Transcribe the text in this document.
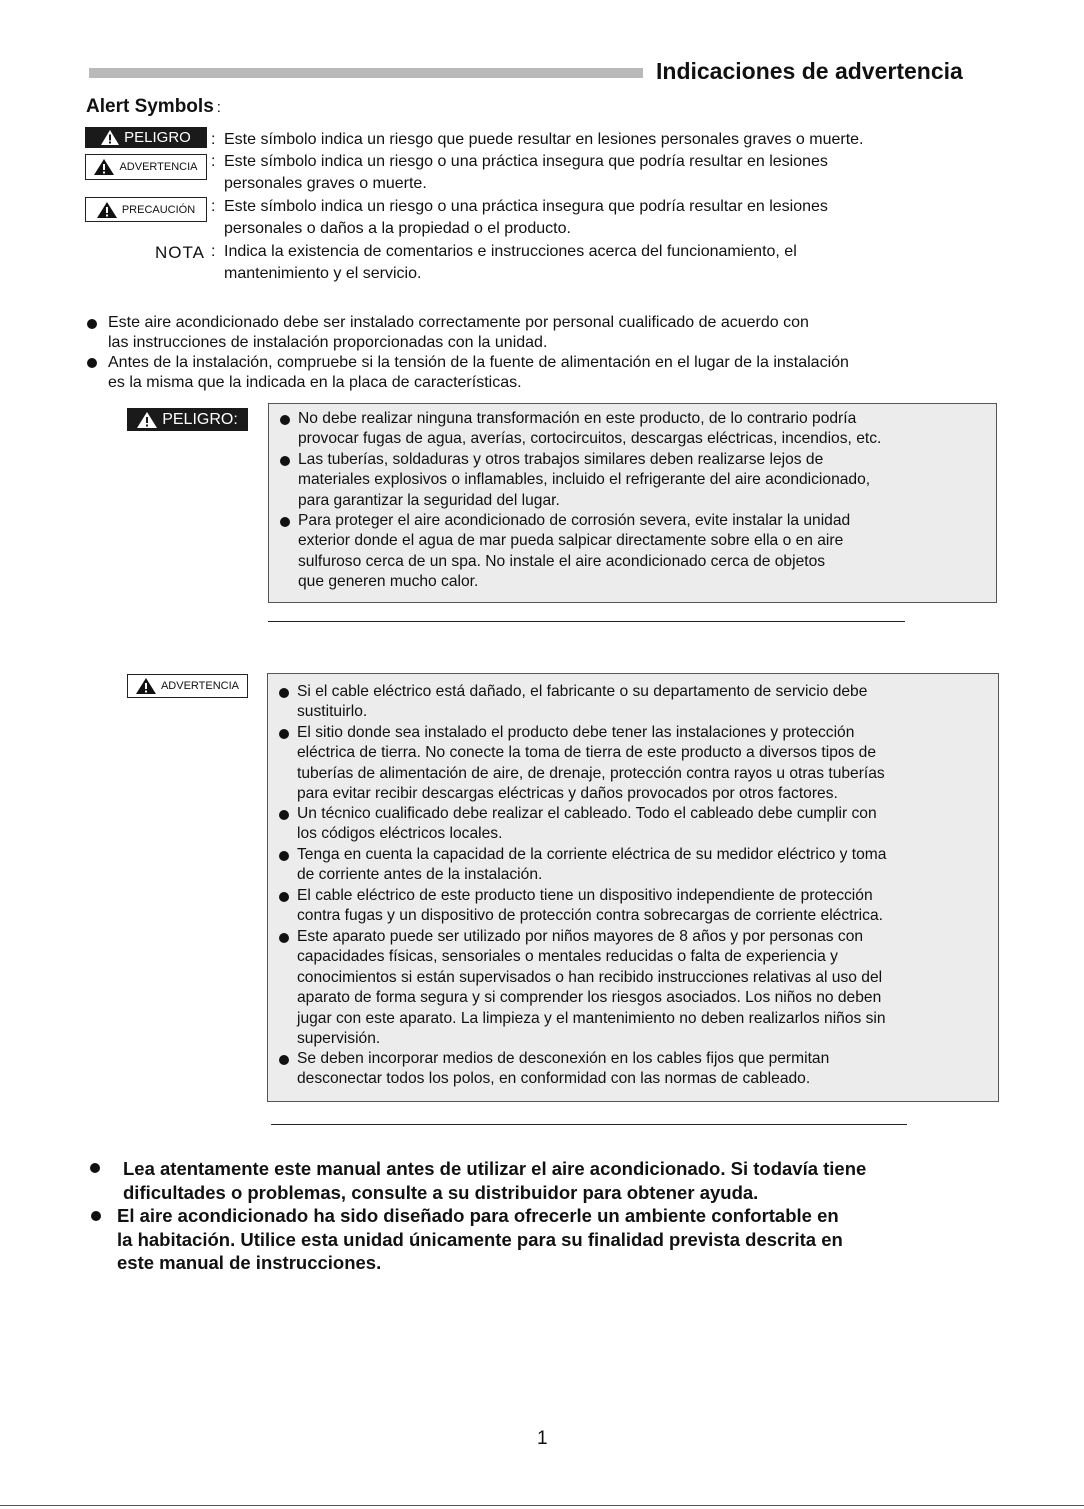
Indicaciones de advertencia
Alert Symbols :
PELIGRO : Este símbolo indica un riesgo que puede resultar en lesiones personales graves o muerte.
ADVERTENCIA : Este símbolo indica un riesgo o una práctica insegura que podría resultar en lesiones
personales graves o muerte.
PRECAUCIÓN : Este símbolo indica un riesgo o una práctica insegura que podría resultar en lesiones
personales o daños a la propiedad o el producto.
NOTA : Indica la existencia de comentarios e instrucciones acerca del funcionamiento, el
mantenimiento y el servicio.
Este aire acondicionado debe ser instalado correctamente por personal cualificado de acuerdo con
las instrucciones de instalación proporcionadas con la unidad.
Antes de la instalación, compruebe si la tensión de la fuente de alimentación en el lugar de la instalación
es la misma que la indicada en la placa de características.
PELIGRO:	No debe realizar ninguna transformación en este producto, de lo contrario podría
provocar fugas de agua, averías, cortocircuitos, descargas eléctricas, incendios, etc.
Las tuberías, soldaduras y otros trabajos similares deben realizarse lejos de
materiales explosivos o inflamables, incluido el refrigerante del aire acondicionado,
para garantizar la seguridad del lugar.
Para proteger el aire acondicionado de corrosión severa, evite instalar la unidad
exterior donde el agua de mar pueda salpicar directamente sobre ella o en aire
sulfuroso cerca de un spa. No instale el aire acondicionado cerca de objetos
que generen mucho calor.
ADVERTENCIA	Si el cable eléctrico está dañado, el fabricante o su departamento de servicio debe
sustituirlo.
El sitio donde sea instalado el producto debe tener las instalaciones y protección
eléctrica de tierra. No conecte la toma de tierra de este producto a diversos tipos de
tuberías de alimentación de aire, de drenaje, protección contra rayos u otras tuberías
para evitar recibir descargas eléctricas y daños provocados por otros factores.
Un técnico cualificado debe realizar el cableado. Todo el cableado debe cumplir con
los códigos eléctricos locales.
Tenga en cuenta la capacidad de la corriente eléctrica de su medidor eléctrico y toma
de corriente antes de la instalación.
El cable eléctrico de este producto tiene un dispositivo independiente de protección
contra fugas y un dispositivo de protección contra sobrecargas de corriente eléctrica.
Este aparato puede ser utilizado por niños mayores de 8 años y por personas con
capacidades físicas, sensoriales o mentales reducidas o falta de experiencia y
conocimientos si están supervisados o han recibido instrucciones relativas al uso del
aparato de forma segura y si comprender los riesgos asociados. Los niños no deben
jugar con este aparato. La limpieza y el mantenimiento no deben realizarlos niños sin
supervisión.
Se deben incorporar medios de desconexión en los cables fijos que permitan
desconectar todos los polos, en conformidad con las normas de cableado.
Lea atentamente este manual antes de utilizar el aire acondicionado. Si todavía tiene
dificultades o problemas, consulte a su distribuidor para obtener ayuda.
El aire acondicionado ha sido diseñado para ofrecerle un ambiente confortable en
la habitación. Utilice esta unidad únicamente para su finalidad prevista descrita en
este manual de instrucciones.
1
